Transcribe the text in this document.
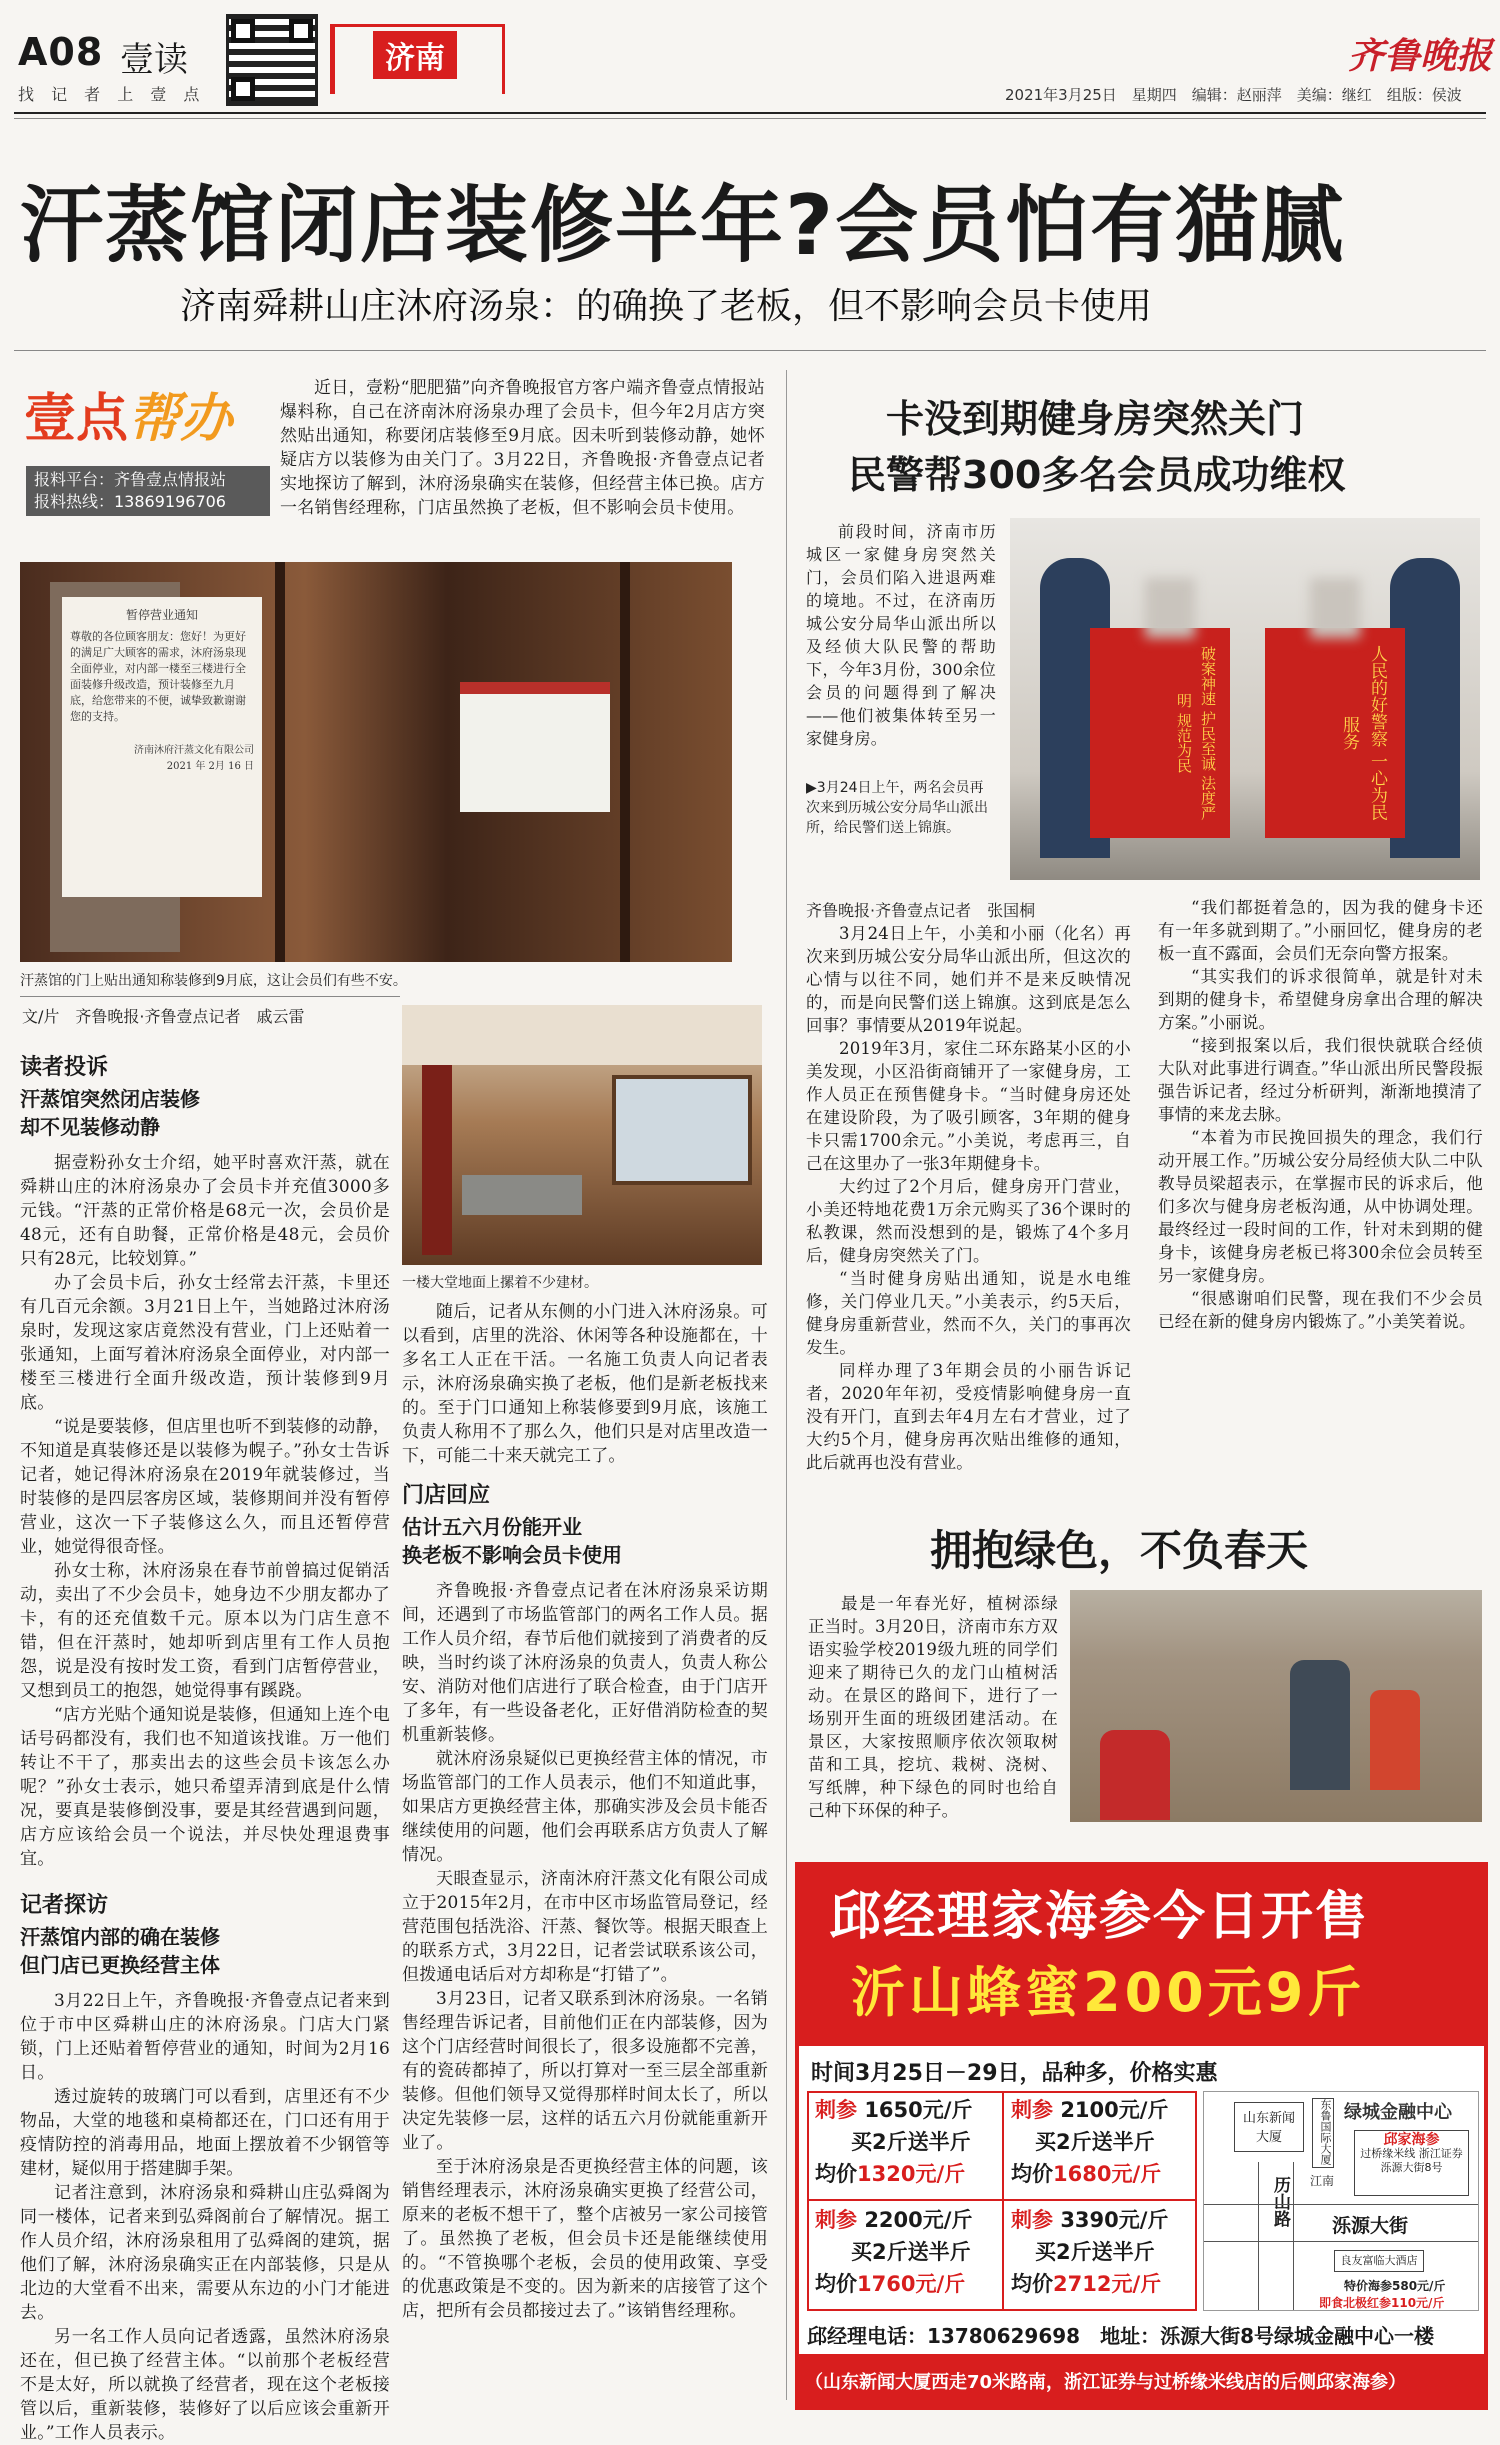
A08 壹读
找 记 者 上 壹 点
济南	齐鲁晚报
2021年3月25日　星期四　编辑：赵丽萍　美编：继红　组版：侯波
汗蒸馆闭店装修半年?会员怕有猫腻
济南舜耕山庄沐府汤泉：的确换了老板，但不影响会员卡使用
壹点帮办
报料平台：齐鲁壹点情报站
报料热线：13869196706

近日，壹粉“肥肥猫”向齐鲁晚报官方客户端齐鲁壹点情报站爆料称，自己在济南沐府汤泉办理了会员卡，但今年2月店方突然贴出通知，称要闭店装修至9月底。因未听到装修动静，她怀疑店方以装修为由关门了。3月22日，齐鲁晚报·齐鲁壹点记者实地探访了解到，沐府汤泉确实在装修，但经营主体已换。店方一名销售经理称，门店虽然换了老板，但不影响会员卡使用。

暂停营业通知
尊敬的各位顾客朋友：您好！为更好的满足广大顾客的需求，沐府汤泉现全面停业，对内部一楼至三楼进行全面装修升级改造，预计装修至九月底，给您带来的不便，诚挚致歉谢谢您的支持。
济南沐府汗蒸文化有限公司
2021 年 2月 16 日
汗蒸馆的门上贴出通知称装修到9月底，这让会员们有些不安。
文/片　齐鲁晚报·齐鲁壹点记者　戚云雷
一楼大堂地面上摞着不少建材。
读者投诉
汗蒸馆突然闭店装修
却不见装修动静

据壹粉孙女士介绍，她平时喜欢汗蒸，就在舜耕山庄的沐府汤泉办了会员卡并充值3000多元钱。“汗蒸的正常价格是68元一次，会员价是48元，还有自助餐，正常价格是48元，会员价只有28元，比较划算。”

办了会员卡后，孙女士经常去汗蒸，卡里还有几百元余额。3月21日上午，当她路过沐府汤泉时，发现这家店竟然没有营业，门上还贴着一张通知，上面写着沐府汤泉全面停业，对内部一楼至三楼进行全面升级改造，预计装修到9月底。

“说是要装修，但店里也听不到装修的动静，不知道是真装修还是以装修为幌子。”孙女士告诉记者，她记得沐府汤泉在2019年就装修过，当时装修的是四层客房区域，装修期间并没有暂停营业，这次一下子装修这么久，而且还暂停营业，她觉得很奇怪。

孙女士称，沐府汤泉在春节前曾搞过促销活动，卖出了不少会员卡，她身边不少朋友都办了卡，有的还充值数千元。原本以为门店生意不错，但在汗蒸时，她却听到店里有工作人员抱怨，说是没有按时发工资，看到门店暂停营业，又想到员工的抱怨，她觉得事有蹊跷。

“店方光贴个通知说是装修，但通知上连个电话号码都没有，我们也不知道该找谁。万一他们转让不干了，那卖出去的这些会员卡该怎么办呢？”孙女士表示，她只希望弄清到底是什么情况，要真是装修倒没事，要是其经营遇到问题，店方应该给会员一个说法，并尽快处理退费事宜。

记者探访
汗蒸馆内部的确在装修
但门店已更换经营主体

3月22日上午，齐鲁晚报·齐鲁壹点记者来到位于市中区舜耕山庄的沐府汤泉。门店大门紧锁，门上还贴着暂停营业的通知，时间为2月16日。

透过旋转的玻璃门可以看到，店里还有不少物品，大堂的地毯和桌椅都还在，门口还有用于疫情防控的消毒用品，地面上摆放着不少钢管等建材，疑似用于搭建脚手架。

记者注意到，沐府汤泉和舜耕山庄弘舜阁为同一楼体，记者来到弘舜阁前台了解情况。据工作人员介绍，沐府汤泉租用了弘舜阁的建筑，据他们了解，沐府汤泉确实正在内部装修，只是从北边的大堂看不出来，需要从东边的小门才能进去。

另一名工作人员向记者透露，虽然沐府汤泉还在，但已换了经营主体。“以前那个老板经营不是太好，所以就换了经营者，现在这个老板接管以后，重新装修，装修好了以后应该会重新开业。”工作人员表示。

随后，记者从东侧的小门进入沐府汤泉。可以看到，店里的洗浴、休闲等各种设施都在，十多名工人正在干活。一名施工负责人向记者表示，沐府汤泉确实换了老板，他们是新老板找来的。至于门口通知上称装修要到9月底，该施工负责人称用不了那么久，他们只是对店里改造一下，可能二十来天就完工了。

门店回应
估计五六月份能开业
换老板不影响会员卡使用

齐鲁晚报·齐鲁壹点记者在沐府汤泉采访期间，还遇到了市场监管部门的两名工作人员。据工作人员介绍，春节后他们就接到了消费者的反映，当时约谈了沐府汤泉的负责人，负责人称公安、消防对他们店进行了联合检查，由于门店开了多年，有一些设备老化，正好借消防检查的契机重新装修。

就沐府汤泉疑似已更换经营主体的情况，市场监管部门的工作人员表示，他们不知道此事，如果店方更换经营主体，那确实涉及会员卡能否继续使用的问题，他们会再联系店方负责人了解情况。

天眼查显示，济南沐府汗蒸文化有限公司成立于2015年2月，在市中区市场监管局登记，经营范围包括洗浴、汗蒸、餐饮等。根据天眼查上的联系方式，3月22日，记者尝试联系该公司，但拨通电话后对方却称是“打错了”。

3月23日，记者又联系到沐府汤泉。一名销售经理告诉记者，目前他们正在内部装修，因为这个门店经营时间很长了，很多设施都不完善，有的瓷砖都掉了，所以打算对一至三层全部重新装修。但他们领导又觉得那样时间太长了，所以决定先装修一层，这样的话五六月份就能重新开业了。

至于沐府汤泉是否更换经营主体的问题，该销售经理表示，沐府汤泉确实更换了经营公司，原来的老板不想干了，整个店被另一家公司接管了。虽然换了老板，但会员卡还是能继续使用的。“不管换哪个老板，会员的使用政策、享受的优惠政策是不变的。因为新来的店接管了这个店，把所有会员都接过去了。”该销售经理称。

卡没到期健身房突然关门
民警帮300多名会员成功维权

前段时间，济南市历城区一家健身房突然关门，会员们陷入进退两难的境地。不过，在济南历城公安分局华山派出所以及经侦大队民警的帮助下，今年3月份，300余位会员的问题得到了解决——他们被集体转至另一家健身房。

▶3月24日上午，两名会员再次来到历城公安分局华山派出所，给民警们送上锦旗。
破案神速 护民至诚 法度严明 规范为民	人民的好警察 一心为民服务
齐鲁晚报·齐鲁壹点记者　张国桐

3月24日上午，小美和小丽（化名）再次来到历城公安分局华山派出所，但这次的心情与以往不同，她们并不是来反映情况的，而是向民警们送上锦旗。这到底是怎么回事？事情要从2019年说起。

2019年3月，家住二环东路某小区的小美发现，小区沿街商铺开了一家健身房，工作人员正在预售健身卡。“当时健身房还处在建设阶段，为了吸引顾客，3年期的健身卡只需1700余元。”小美说，考虑再三，自己在这里办了一张3年期健身卡。

大约过了2个月后，健身房开门营业，小美还特地花费1万余元购买了36个课时的私教课，然而没想到的是，锻炼了4个多月后，健身房突然关了门。

“当时健身房贴出通知，说是水电维修，关门停业几天。”小美表示，约5天后，健身房重新营业，然而不久，关门的事再次发生。

同样办理了3年期会员的小丽告诉记者，2020年年初，受疫情影响健身房一直没有开门，直到去年4月左右才营业，过了大约5个月，健身房再次贴出维修的通知，此后就再也没有营业。

“我们都挺着急的，因为我的健身卡还有一年多就到期了。”小丽回忆，健身房的老板一直不露面，会员们无奈向警方报案。

“其实我们的诉求很简单，就是针对未到期的健身卡，希望健身房拿出合理的解决方案。”小丽说。

“接到报案以后，我们很快就联合经侦大队对此事进行调查。”华山派出所民警段振强告诉记者，经过分析研判，渐渐地摸清了事情的来龙去脉。

“本着为市民挽回损失的理念，我们行动开展工作。”历城公安分局经侦大队二中队教导员梁超表示，在掌握市民的诉求后，他们多次与健身房老板沟通，从中协调处理。最终经过一段时间的工作，针对未到期的健身卡，该健身房老板已将300余位会员转至另一家健身房。

“很感谢咱们民警，现在我们不少会员已经在新的健身房内锻炼了。”小美笑着说。

拥抱绿色，不负春天

最是一年春光好，植树添绿正当时。3月20日，济南市东方双语实验学校2019级九班的同学们迎来了期待已久的龙门山植树活动。在景区的路间下，进行了一场别开生面的班级团建活动。在景区，大家按照顺序依次领取树苗和工具，挖坑、栽树、浇树、写纸牌，种下绿色的同时也给自己种下环保的种子。

邱经理家海参今日开售
沂山蜂蜜200元9斤
时间3月25日－29日，品种多，价格实惠
刺参 1650元/斤
买2斤送半斤
均价1320元/斤
刺参 2100元/斤
买2斤送半斤
均价1680元/斤
刺参 2200元/斤
买2斤送半斤
均价1760元/斤
刺参 3390元/斤
买2斤送半斤
均价2712元/斤
山东新闻大厦	东鲁国际大厦 绿城金融中心
邱家海参
过桥缘米线 浙江证券
泺源大街8号
江南
历山路	泺源大街
良友富临大酒店
特价海参580元/斤
即食北极红参110元/斤
邱经理电话：13780629698　地址：泺源大街8号绿城金融中心一楼
（山东新闻大厦西走70米路南，浙江证券与过桥缘米线店的后侧邱家海参）
